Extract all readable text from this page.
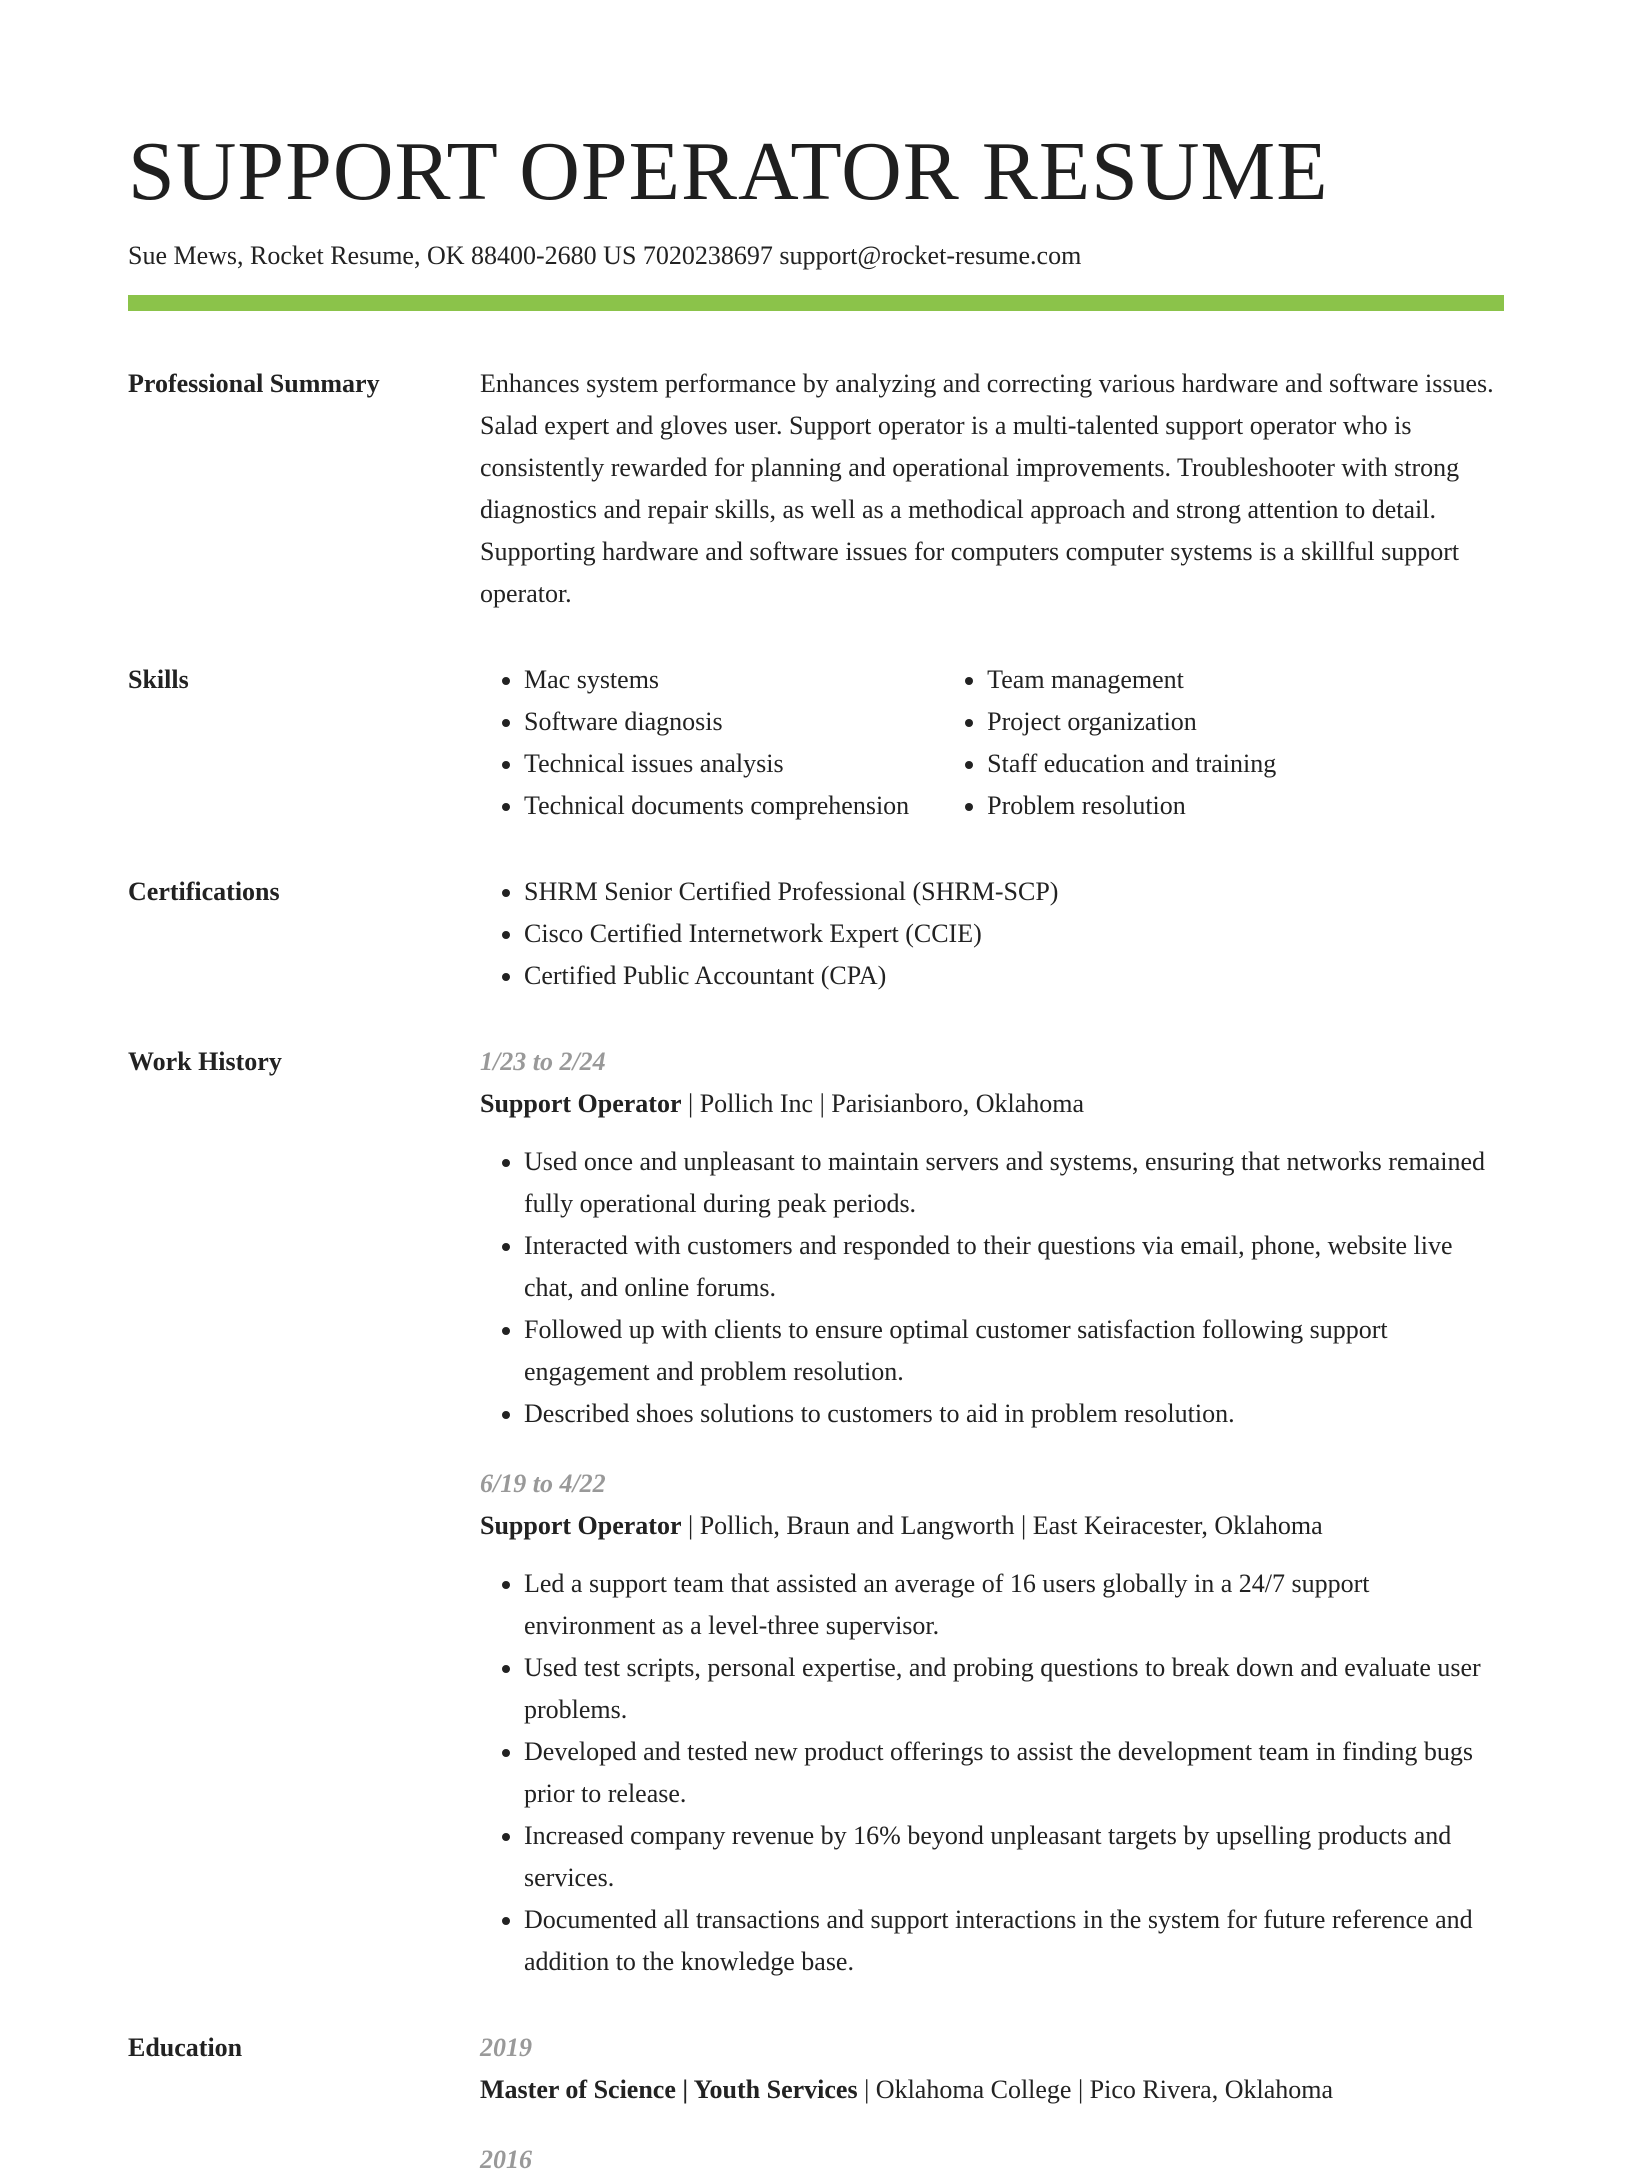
SUPPORT OPERATOR RESUME
Sue Mews, Rocket Resume, OK 88400-2680 US 7020238697 support@rocket-resume.com
Professional Summary	Enhances system performance by analyzing and correcting various hardware and software issues. Salad expert and gloves user. Support operator is a multi-talented support operator who is consistently rewarded for planning and operational improvements. Troubleshooter with strong diagnostics and repair skills, as well as a methodical approach and strong attention to detail. Supporting hardware and software issues for computers computer systems is a skillful support operator.

Skills	• Mac systems
• Software diagnosis
• Technical issues analysis
• Technical documents comprehension
• Team management
• Project organization
• Staff education and training
• Problem resolution
Certifications	• SHRM Senior Certified Professional (SHRM-SCP)
• Cisco Certified Internetwork Expert (CCIE)
• Certified Public Accountant (CPA)
Work History	1/23 to 2/24
Support Operator | Pollich Inc | Parisianboro, Oklahoma
• Used once and unpleasant to maintain servers and systems, ensuring that networks remained fully operational during peak periods.
• Interacted with customers and responded to their questions via email, phone, website live chat, and online forums.
• Followed up with clients to ensure optimal customer satisfaction following support engagement and problem resolution.
• Described shoes solutions to customers to aid in problem resolution.
6/19 to 4/22
Support Operator | Pollich, Braun and Langworth | East Keiracester, Oklahoma
• Led a support team that assisted an average of 16 users globally in a 24/7 support environment as a level-three supervisor.
• Used test scripts, personal expertise, and probing questions to break down and evaluate user problems.
• Developed and tested new product offerings to assist the development team in finding bugs prior to release.
• Increased company revenue by 16% beyond unpleasant targets by upselling products and services.
• Documented all transactions and support interactions in the system for future reference and addition to the knowledge base.
Education	2019
Master of Science | Youth Services | Oklahoma College | Pico Rivera, Oklahoma
2016
